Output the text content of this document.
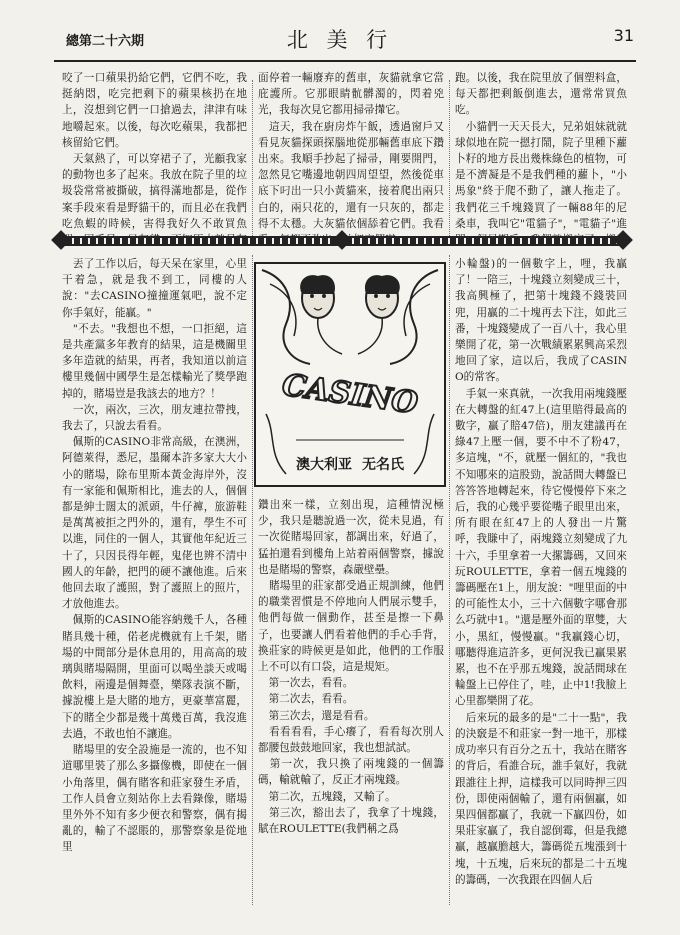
總第二十六期	北 美 行	31
咬了一口蘋果扔給它們，它們不吃，我挺納悶，吃完把剩下的蘋果核扔在地上，沒想到它們一口搶過去，津津有味地嚼起來。以後，每次吃蘋果，我都把核留給它們。
　天氣熱了，可以穿裙子了，光顧我家的動物也多了起來。我放在院子里的垃圾袋常常被撕破，搞得滿地都是，從作案手段來看是野貓干的，而且必在我們吃魚蝦的時候，害得我好久不敢買魚
面停着一輛廢弃的舊車，灰貓就拿它當庇護所。它那眼睛骯髒濁的，閃着兇光，我每次見它都用掃帚攆它。
　這天，我在廚房炸午飯，透過窗戶又看見灰貓探頭探腦地從那輛舊車底下鑽出來。我順手抄起了掃帚，剛要開門，忽然見它嘴邊地朝四周望望，然後從車底下叼出一只小黃貓來，接着爬出兩只白的，兩只花的，還有一只灰的，都走得不太穩。大灰貓依個舔着它們。我看
跑。以後，我在院里放了個塑料盒，每天都把剩飯倒進去，還常常買魚吃。
　小貓們一天天長大，兄弟姐妹就就球似地在院一摁打鬧，院子里種下蘿卜籽的地方長出幾株綠色的植物，可是不濟凝是不是我們種的蘿卜，"小馬象"終于爬不動了，讓人拖走了。我們花三千塊錢買了一輛88年的尼桑車，我叫它"電貓子"，"電貓子"進
　丟了工作以后，每天呆在家里，心里干着急，就是我不到工，同樓的人說："去CASINO撞撞運氣吧，說不定你手氣好，能贏。"
　"不去。"我想也不想，一口拒絕，這是共產黨多年教育的結果，這是機關里多年造就的結果，再者，我知道以前這樓里幾個中國學生是怎樣輸光了獎學跑掉的，賭場豈是我該去的地方？！
　一次，兩次，三次，朋友連拉帶拽，我去了，只說去看看。
　佩斯的CASINO非常高級，在澳洲，阿德萊得，悉尼，墨爾本許多家大大小小的賭場，除布里斯本黃金海岸外，沒有一家能和佩斯相比，進去的人，個個都是紳士闊太的派頭，牛仔褲，旅游鞋是萬萬被拒之門外的，還有，學生不可以進，同住的一個人，其實他年紀近三十了，只因長得年輕，鬼佬也辨不清中國人的年齡，把門的硬不讓他進。后來他回去取了護照，對了護照上的照片，才放他進去。
　佩斯的CASINO能容納幾千人，各種賭具幾十種，偌老虎機就有上千架，賭場的中間部分是休息用的，用高高的玻璃與賭場隔開，里面可以喝坐談天或喝飲料，兩邊是個舞臺，樂隊表演不斷，據說樓上是大賭的地方，更豪華富麗，下的賭全少都是幾十萬幾百萬，我沒進去過，不敢也怕不讓進。
　賭場里的安全設施是一流的，也不知道哪里裝了那么多攝像機，即使在一個小角落里，偶有賭客和莊家發生矛盾，工作人員會立刻站你上去看錄像，賭場里外外不知有多少便衣和警察，偶有揭亂的，輸了不認賬的，那警察象是從地里
CASINO
澳大利亚 无名氏
鑽出來一樣，立刻出現，這種情況極少，我只是聽說過一次，從未見過，有一次從賭場回家，都調出來，好過了，猛拍還看到樓角上站着兩個警察，據說也是賭場的警察，森嚴壁壘。
　賭場里的莊家都受過正規訓練，他們的職業習慣是不停地向人們展示雙手，他們每做一個動作，甚至是擦一下鼻子，也要讓人們看着他們的手心手背，換莊家的時候更是如此，他們的工作服上不可以有口袋，這是規矩。
　第一次去，看看。
　第二次去，看看。
　第三次去，還是看看。
　看看看看，手心癢了，看看每次別人都腰包鼓鼓地回家，我也想試試。
　第一次，我只換了兩塊錢的一個籌碼，輸就輸了，反正才兩塊錢。
　第二次，五塊錢，又輸了。
　第三次，豁出去了，我拿了十塊錢，賦在ROULETTE(我們稱之爲
小輪盤)的一個數字上，哩，我贏了！一陪三，十塊錢立刻變成三十，我高興極了，把第十塊錢不錢裝回兜，用贏的二十塊再去下注，如此三番，十塊錢變成了一百八十，我心里樂開了花，第一次戰績累累興高采烈地回了家，這以后，我成了CASINO的常客。
　手氣一來真就，一次我用兩塊錢壓在大轉盤的紅47上(這里賠得最高的數字，贏了賠47倍)，朋友建議再在綠47上壓一個，要不中不了粉47，多這塊，"不，就壓一個紅的，"我也不知哪來的這股勁，說話間大轉盤已答答答地轉起來，待它慢慢停下來之后，我的心幾乎要從嘴子眼里出來，所有眼在紅47上的人發出一片驚呼，我賺中了，兩塊錢立刻變成了九十六，手里拿着一大摞籌碼，又回來玩ROULETTE，拿着一個五塊錢的籌碼壓在1上，朋友說："哩里面的中的可能性太小，三十六個數字哪會那么巧就中1。"還是壓外面的單雙，大小，黑紅，慢慢贏。"我贏錢心切，哪聽得進這許多，更何況我已贏果累累，也不在乎那五塊錢，說話間球在輪盤上已停住了，哇，止中1!我臉上心里都樂開了花。
　后來玩的最多的是"二十一點"，我的決竅是不和莊家一對一地干，那樣成功率只有百分之五十，我站在賭客的背后，看誰合玩，誰手氣好，我就跟誰往上押，這樣我可以同時押三四份，即使兩個輸了，還有兩個贏，如果四個都贏了，我就一下贏四份，如果莊家贏了，我自認倒霉，但是我總贏，越贏膽越大，籌碼從五塊漲到十塊，十五塊，后來玩的都是二十五塊的籌碼，一次我跟在四個人后
